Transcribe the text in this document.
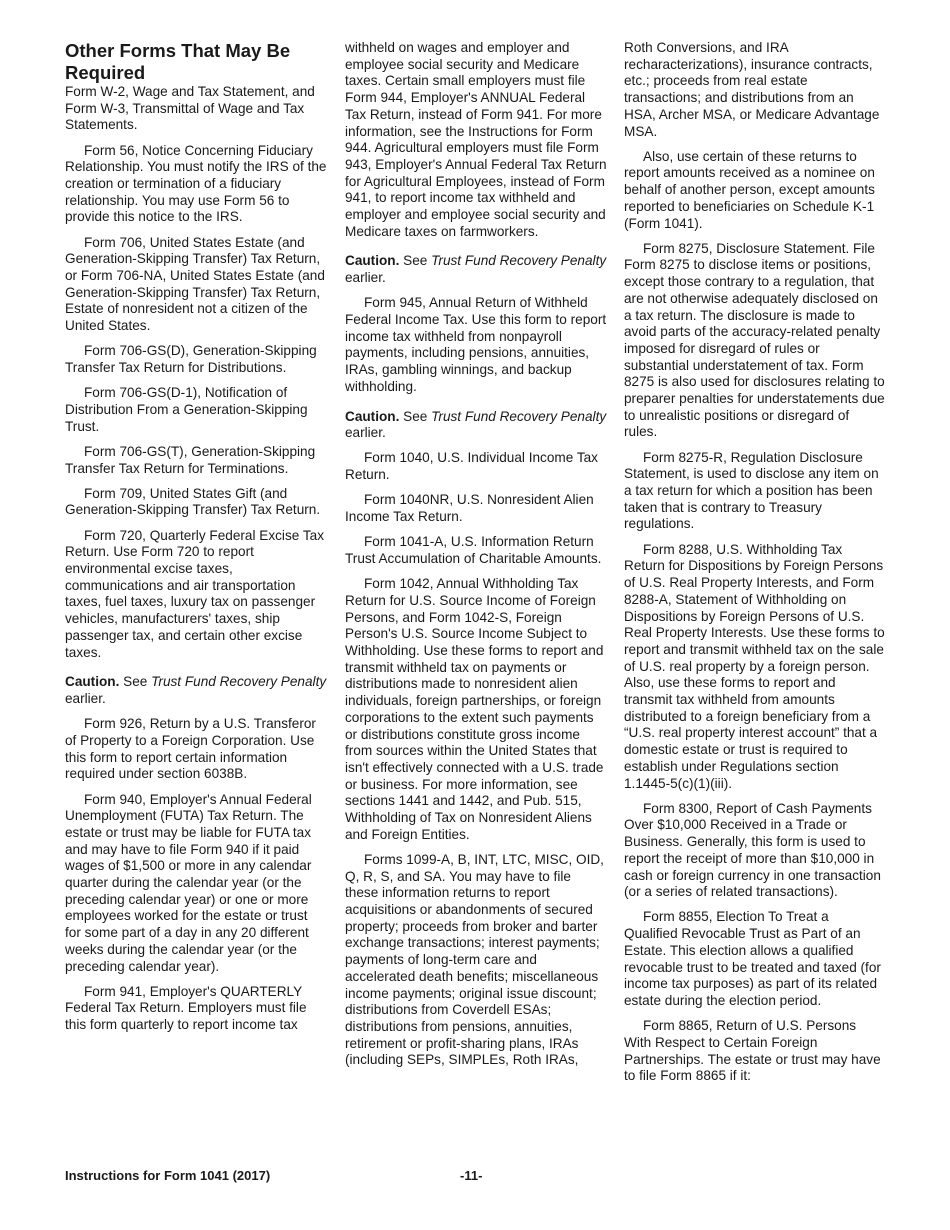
Other Forms That May Be Required

Form W-2, Wage and Tax Statement, and Form W-3, Transmittal of Wage and Tax Statements.

Form 56, Notice Concerning Fiduciary Relationship. You must notify the IRS of the creation or termination of a fiduciary relationship. You may use Form 56 to provide this notice to the IRS.

Form 706, United States Estate (and Generation-Skipping Transfer) Tax Return, or Form 706-NA, United States Estate (and Generation-Skipping Transfer) Tax Return, Estate of nonresident not a citizen of the United States.

Form 706-GS(D), Generation-Skipping Transfer Tax Return for Distributions.

Form 706-GS(D-1), Notification of Distribution From a Generation-Skipping Trust.

Form 706-GS(T), Generation-Skipping Transfer Tax Return for Terminations.

Form 709, United States Gift (and Generation-Skipping Transfer) Tax Return.

Form 720, Quarterly Federal Excise Tax Return. Use Form 720 to report environmental excise taxes, communications and air transportation taxes, fuel taxes, luxury tax on passenger vehicles, manufacturers' taxes, ship passenger tax, and certain other excise taxes.

Caution. See Trust Fund Recovery Penalty earlier.

Form 926, Return by a U.S. Transferor of Property to a Foreign Corporation. Use this form to report certain information required under section 6038B.

Form 940, Employer's Annual Federal Unemployment (FUTA) Tax Return. The estate or trust may be liable for FUTA tax and may have to file Form 940 if it paid wages of $1,500 or more in any calendar quarter during the calendar year (or the preceding calendar year) or one or more employees worked for the estate or trust for some part of a day in any 20 different weeks during the calendar year (or the preceding calendar year).

Form 941, Employer's QUARTERLY Federal Tax Return. Employers must file this form quarterly to report income tax

withheld on wages and employer and employee social security and Medicare taxes. Certain small employers must file Form 944, Employer's ANNUAL Federal Tax Return, instead of Form 941. For more information, see the Instructions for Form 944. Agricultural employers must file Form 943, Employer's Annual Federal Tax Return for Agricultural Employees, instead of Form 941, to report income tax withheld and employer and employee social security and Medicare taxes on farmworkers.

Caution. See Trust Fund Recovery Penalty earlier.

Form 945, Annual Return of Withheld Federal Income Tax. Use this form to report income tax withheld from nonpayroll payments, including pensions, annuities, IRAs, gambling winnings, and backup withholding.

Caution. See Trust Fund Recovery Penalty earlier.

Form 1040, U.S. Individual Income Tax Return.

Form 1040NR, U.S. Nonresident Alien Income Tax Return.

Form 1041-A, U.S. Information Return Trust Accumulation of Charitable Amounts.

Form 1042, Annual Withholding Tax Return for U.S. Source Income of Foreign Persons, and Form 1042-S, Foreign Person's U.S. Source Income Subject to Withholding. Use these forms to report and transmit withheld tax on payments or distributions made to nonresident alien individuals, foreign partnerships, or foreign corporations to the extent such payments or distributions constitute gross income from sources within the United States that isn't effectively connected with a U.S. trade or business. For more information, see sections 1441 and 1442, and Pub. 515, Withholding of Tax on Nonresident Aliens and Foreign Entities.

Forms 1099-A, B, INT, LTC, MISC, OID, Q, R, S, and SA. You may have to file these information returns to report acquisitions or abandonments of secured property; proceeds from broker and barter exchange transactions; interest payments; payments of long-term care and accelerated death benefits; miscellaneous income payments; original issue discount; distributions from Coverdell ESAs; distributions from pensions, annuities, retirement or profit-sharing plans, IRAs (including SEPs, SIMPLEs, Roth IRAs,

Roth Conversions, and IRA recharacterizations), insurance contracts, etc.; proceeds from real estate transactions; and distributions from an HSA, Archer MSA, or Medicare Advantage MSA.

Also, use certain of these returns to report amounts received as a nominee on behalf of another person, except amounts reported to beneficiaries on Schedule K-1 (Form 1041).

Form 8275, Disclosure Statement. File Form 8275 to disclose items or positions, except those contrary to a regulation, that are not otherwise adequately disclosed on a tax return. The disclosure is made to avoid parts of the accuracy-related penalty imposed for disregard of rules or substantial understatement of tax. Form 8275 is also used for disclosures relating to preparer penalties for understatements due to unrealistic positions or disregard of rules.

Form 8275-R, Regulation Disclosure Statement, is used to disclose any item on a tax return for which a position has been taken that is contrary to Treasury regulations.

Form 8288, U.S. Withholding Tax Return for Dispositions by Foreign Persons of U.S. Real Property Interests, and Form 8288-A, Statement of Withholding on Dispositions by Foreign Persons of U.S. Real Property Interests. Use these forms to report and transmit withheld tax on the sale of U.S. real property by a foreign person. Also, use these forms to report and transmit tax withheld from amounts distributed to a foreign beneficiary from a “U.S. real property interest account” that a domestic estate or trust is required to establish under Regulations section 1.1445-5(c)(1)(iii).

Form 8300, Report of Cash Payments Over $10,000 Received in a Trade or Business. Generally, this form is used to report the receipt of more than $10,000 in cash or foreign currency in one transaction (or a series of related transactions).

Form 8855, Election To Treat a Qualified Revocable Trust as Part of an Estate. This election allows a qualified revocable trust to be treated and taxed (for income tax purposes) as part of its related estate during the election period.

Form 8865, Return of U.S. Persons With Respect to Certain Foreign Partnerships. The estate or trust may have to file Form 8865 if it:

Instructions for Form 1041 (2017)	-11-
